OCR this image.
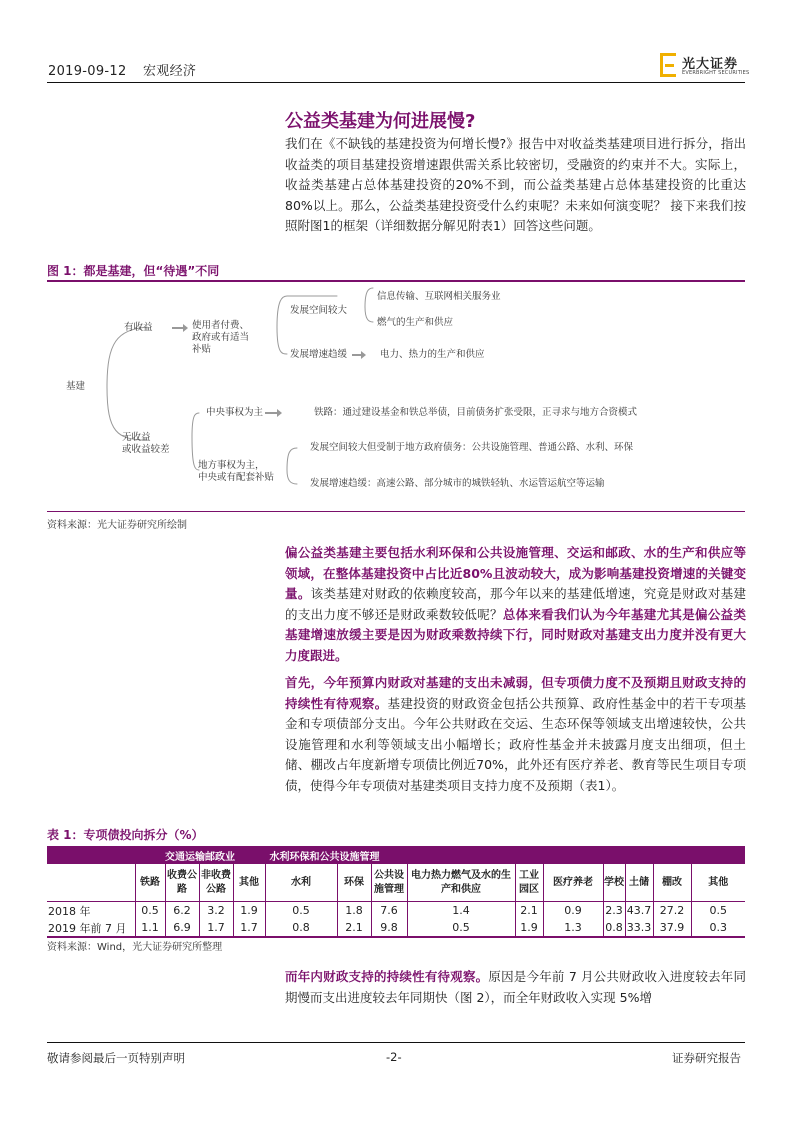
2019-09-12 宏观经济	光大证券
EVERBRIGHT SECURITIES
公益类基建为何进展慢?
我们在《不缺钱的基建投资为何增长慢?》报告中对收益类基建项目进行拆分，指出收益类的项目基建投资增速跟供需关系比较密切，受融资的约束并不大。实际上，收益类基建占总体基建投资的20%不到，而公益类基建占总体基建投资的比重达80%以上。那么，公益类基建投资受什么约束呢？未来如何演变呢？ 接下来我们按照附图1的框架（详细数据分解见附表1）回答这些问题。
图 1：都是基建，但“待遇”不同
基建
有收益	使用者付费、
政府或有适当
补贴
发展空间较大
信息传输、互联网相关服务业
燃气的生产和供应
发展增速趋缓	电力、热力的生产和供应
无收益
或收益较差
中央事权为主	铁路：通过建设基金和铁总举债，目前债务扩张受限，正寻求与地方合资模式
地方事权为主，
中央或有配套补贴
发展空间较大但受制于地方政府债务：公共设施管理、普通公路、水利、环保
发展增速趋缓：高速公路、部分城市的城铁轻轨、水运管运航空等运输
资料来源：光大证券研究所绘制
偏公益类基建主要包括水利环保和公共设施管理、交运和邮政、水的生产和供应等领域，在整体基建投资中占比近80%且波动较大，成为影响基建投资增速的关键变量。该类基建对财政的依赖度较高，那今年以来的基建低增速，究竟是财政对基建的支出力度不够还是财政乘数较低呢？总体来看我们认为今年基建尤其是偏公益类基建增速放缓主要是因为财政乘数持续下行，同时财政对基建支出力度并没有更大力度跟进。
首先，今年预算内财政对基建的支出未减弱，但专项债力度不及预期且财政支持的持续性有待观察。基建投资的财政资金包括公共预算、政府性基金中的若干专项基金和专项债部分支出。今年公共财政在交运、生态环保等领域支出增速较快，公共设施管理和水利等领域支出小幅增长；政府性基金并未披露月度支出细项，但土储、棚改占年度新增专项债比例近70%，此外还有医疗养老、教育等民生项目专项债，使得今年专项债对基建类项目支持力度不及预期（表1）。
表 1：专项债投向拆分（%）
	交通运输邮政业				水利环保和公共设施管理									
	铁路	收费公路	非收费公路	其他	水利	环保	公共设施管理	电力热力燃气及水的生产和供应	工业园区	医疗养老	学校	土储	棚改	其他
2018 年	0.5	6.2	3.2	1.9	0.5	1.8	7.6	1.4	2.1	0.9	2.3	43.7	27.2	0.5
2019 年前 7 月	1.1	6.9	1.7	1.7	0.8	2.1	9.8	0.5	1.9	1.3	0.8	33.3	37.9	0.3
资料来源：Wind，光大证券研究所整理
而年内财政支持的持续性有待观察。原因是今年前 7 月公共财政收入进度较去年同期慢而支出进度较去年同期快（图 2），而全年财政收入实现 5%增
敬请参阅最后一页特别声明	-2-	证券研究报告
